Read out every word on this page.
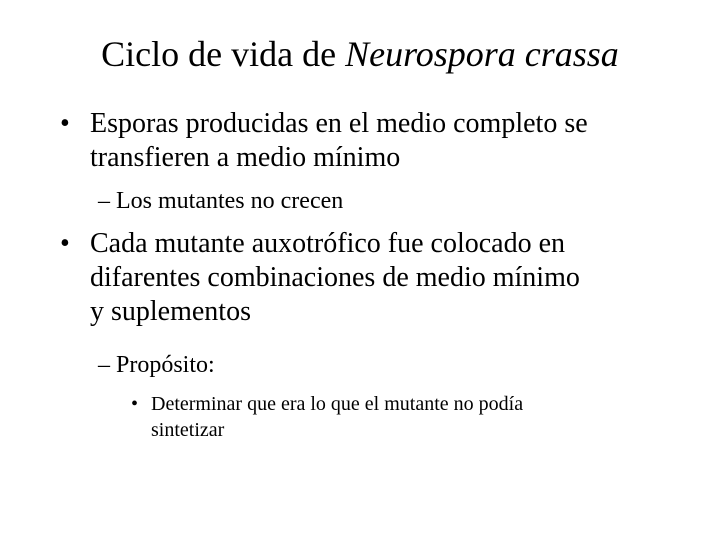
Ciclo de vida de Neurospora crassa
• Esporas producidas en el medio completo se
transfieren a medio mínimo
– Los mutantes no crecen
• Cada mutante auxotrófico fue colocado en
difarentes combinaciones de medio mínimo
y suplementos
– Propósito:
• Determinar que era lo que el mutante no podía
sintetizar
